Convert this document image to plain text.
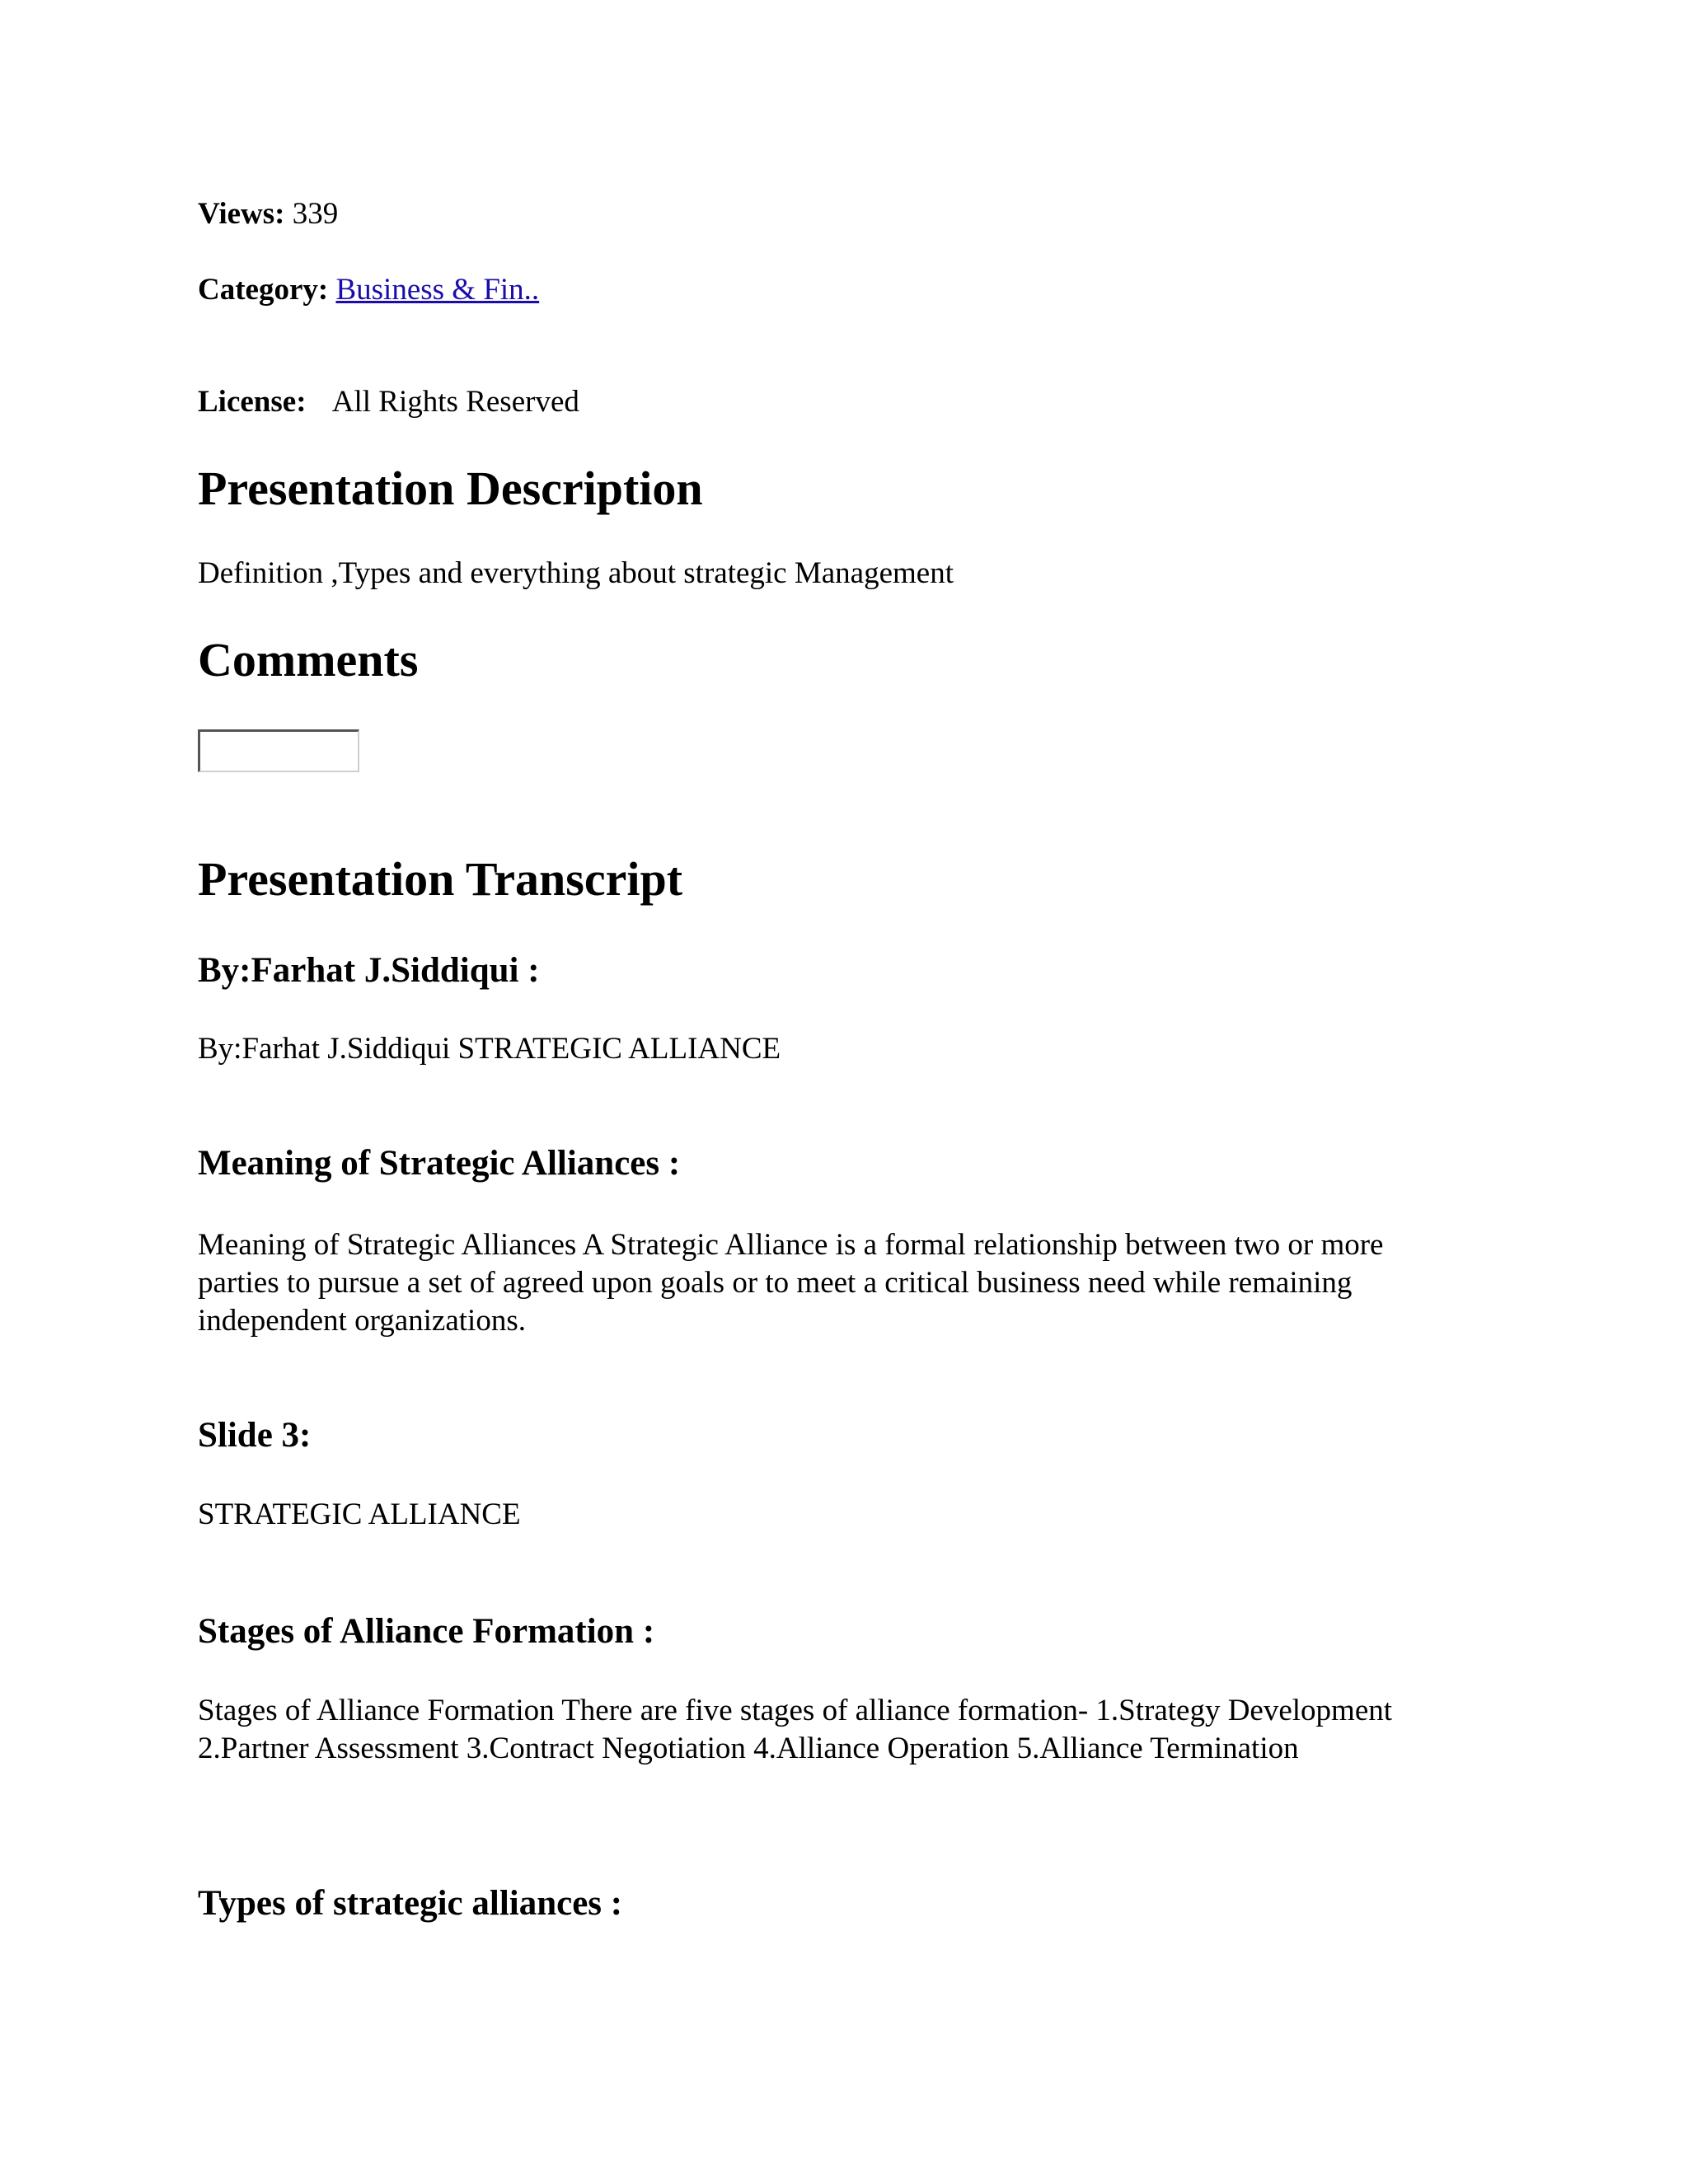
Views: 339
Category: Business & Fin..
License: All Rights Reserved
Presentation Description
Definition ,Types and everything about strategic Management
Comments
Presentation Transcript
By:Farhat J.Siddiqui :
By:Farhat J.Siddiqui STRATEGIC ALLIANCE
Meaning of Strategic Alliances :
Meaning of Strategic Alliances A Strategic Alliance is a formal relationship between two or more parties to pursue a set of agreed upon goals or to meet a critical business need while remaining independent organizations.
Slide 3:
STRATEGIC ALLIANCE
Stages of Alliance Formation :
Stages of Alliance Formation There are five stages of alliance formation- 1.Strategy Development 2.Partner Assessment 3.Contract Negotiation 4.Alliance Operation 5.Alliance Termination
Types of strategic alliances :
